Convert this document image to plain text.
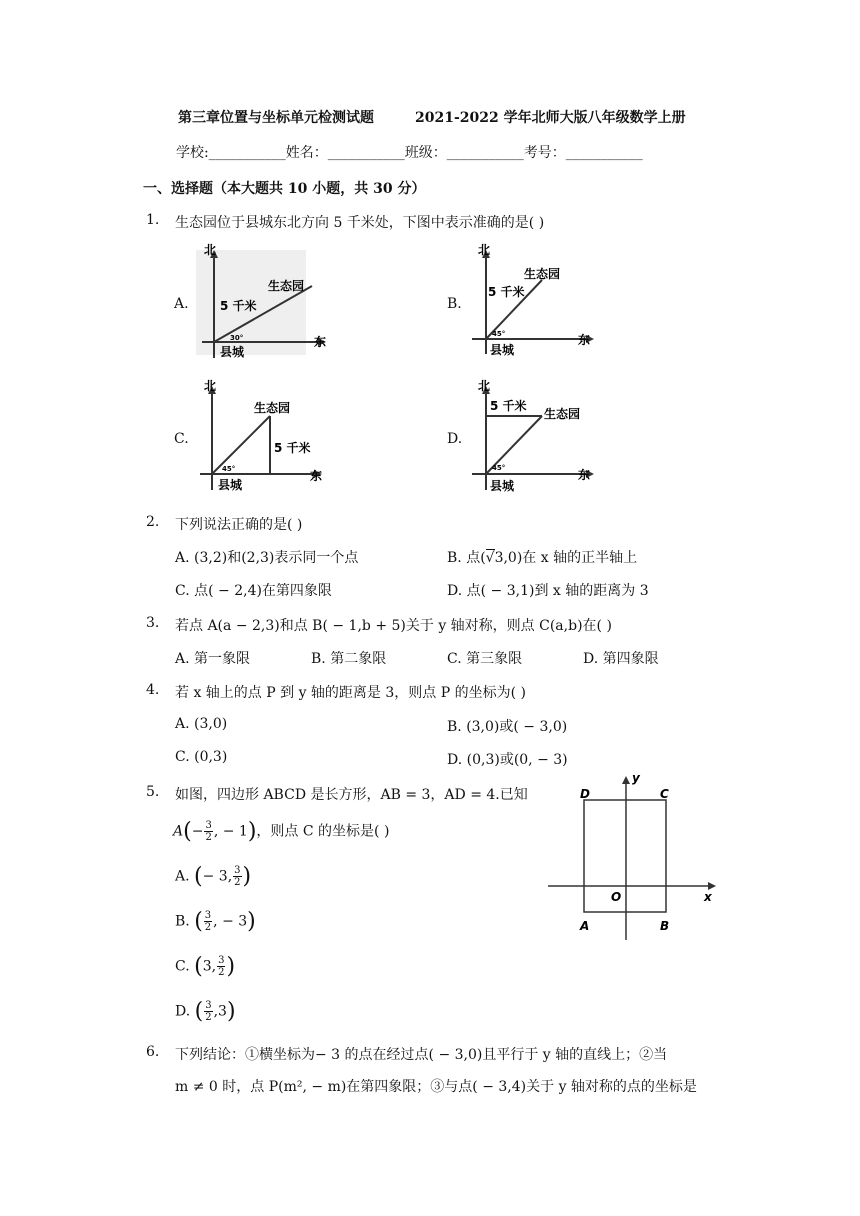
第三章位置与坐标单元检测试题	2021-2022 学年北师大版八年级数学上册
学校:___________姓名：___________班级：___________考号：___________
一、选择题（本大题共 10 小题，共 30 分）
1. 生态园位于县城东北方向 5 千米处，下图中表示准确的是( )
A.	B.
C.	D.
北
东
生态园
5 千米
30°
县城
北
东
生态园
5 千米
45°
县城
北
东
生态园
5 千米
45°
县城
北
东
生态园
5 千米
45°
县城
2. 下列说法正确的是( )
A. (3,2)和(2,3)表示同一个点	B. 点(√3,0)在 x 轴的正半轴上
C. 点( − 2,4)在第四象限	D. 点( − 3,1)到 x 轴的距离为 3
3. 若点 A(a − 2,3)和点 B( − 1,b + 5)关于 y 轴对称，则点 C(a,b)在( )
A. 第一象限	B. 第二象限	C. 第三象限	D. 第四象限
4. 若 x 轴上的点 P 到 y 轴的距离是 3，则点 P 的坐标为( )
A. (3,0)	B. (3,0)或( − 3,0)
C. (0,3)	D. (0,3)或(0, − 3)
5. 如图，四边形 ABCD 是长方形，AB = 3，AD = 4.已知
$A(- \frac{3}{2}$ , − 1)，则点 C 的坐标是( )
A. (− 3, $\frac{3}{2}$ )
B. ( $\frac{3}{2}$ , − 3)
C. (3, $\frac{3}{2}$ )
D. ( $\frac{3}{2} ,3$)
y
x
O
A	B
C
D
6. 下列结论：①横坐标为− 3 的点在经过点( − 3,0)且平行于 y 轴的直线上；②当
m ≠ 0 时，点 P(m², − m)在第四象限；③与点( − 3,4)关于 y 轴对称的点的坐标是
